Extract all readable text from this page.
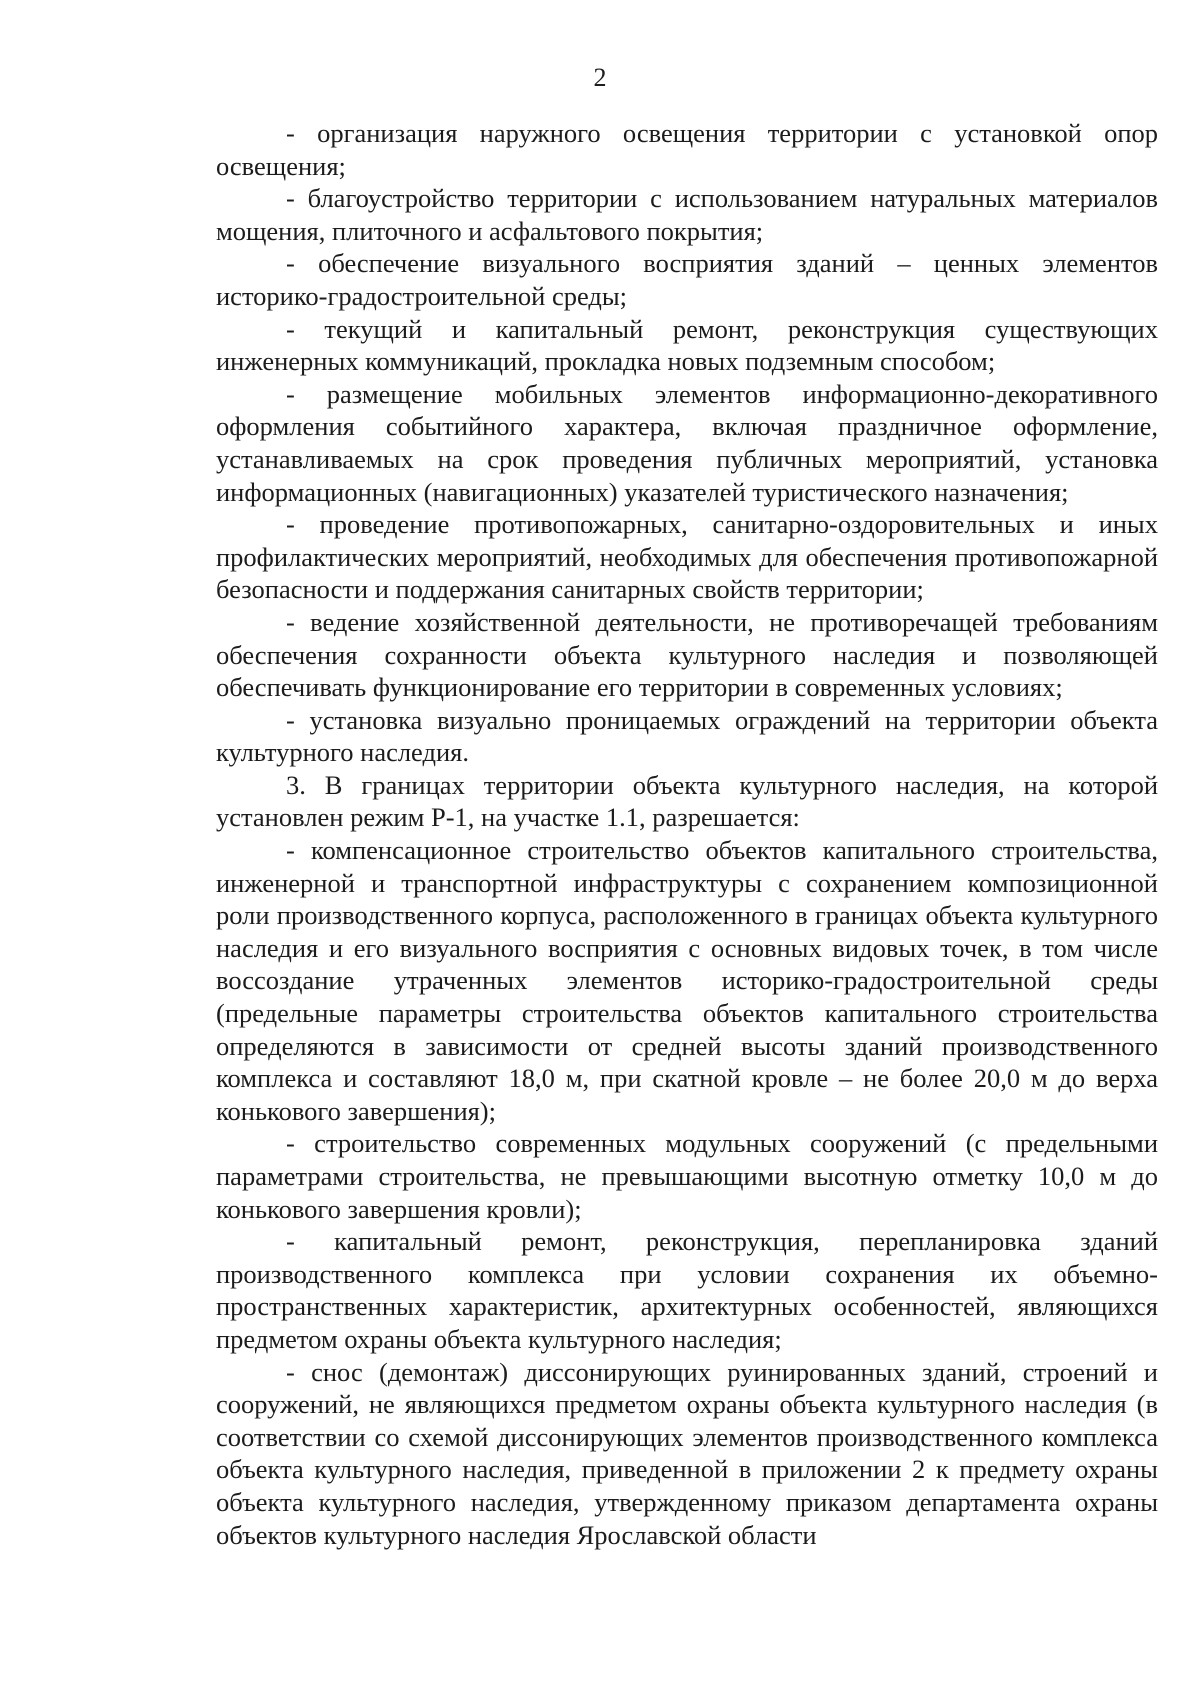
2

- организация наружного освещения территории с установкой опор освещения;

- благоустройство территории с использованием натуральных материалов мощения, плиточного и асфальтового покрытия;

- обеспечение визуального восприятия зданий – ценных элементов историко-градостроительной среды;

- текущий и капитальный ремонт, реконструкция существующих инженерных коммуникаций, прокладка новых подземным способом;

- размещение мобильных элементов информационно-декоративного оформления событийного характера, включая праздничное оформление, устанавливаемых на срок проведения публичных мероприятий, установка информационных (навигационных) указателей туристического назначения;

- проведение противопожарных, санитарно-оздоровительных и иных профилактических мероприятий, необходимых для обеспечения противопожарной безопасности и поддержания санитарных свойств территории;

- ведение хозяйственной деятельности, не противоречащей требованиям обеспечения сохранности объекта культурного наследия и позволяющей обеспечивать функционирование его территории в современных условиях;

- установка визуально проницаемых ограждений на территории объекта культурного наследия.

3. В границах территории объекта культурного наследия, на которой установлен режим Р-1, на участке 1.1, разрешается:

- компенсационное строительство объектов капитального строительства, инженерной и транспортной инфраструктуры с сохранением композиционной роли производственного корпуса, расположенного в границах объекта культурного наследия и его визуального восприятия с основных видовых точек, в том числе воссоздание утраченных элементов историко-градостроительной среды (предельные параметры строительства объектов капитального строительства определяются в зависимости от средней высоты зданий производственного комплекса и составляют 18,0 м, при скатной кровле – не более 20,0 м до верха конькового завершения);

- строительство современных модульных сооружений (с предельными параметрами строительства, не превышающими высотную отметку 10,0 м до конькового завершения кровли);

- капитальный ремонт, реконструкция, перепланировка зданий производственного комплекса при условии сохранения их объемно-пространственных характеристик, архитектурных особенностей, являющихся предметом охраны объекта культурного наследия;

- снос (демонтаж) диссонирующих руинированных зданий, строений и сооружений, не являющихся предметом охраны объекта культурного наследия (в соответствии со схемой диссонирующих элементов производственного комплекса объекта культурного наследия, приведенной в приложении 2 к предмету охраны объекта культурного наследия, утвержденному приказом департамента охраны объектов культурного наследия Ярославской области
